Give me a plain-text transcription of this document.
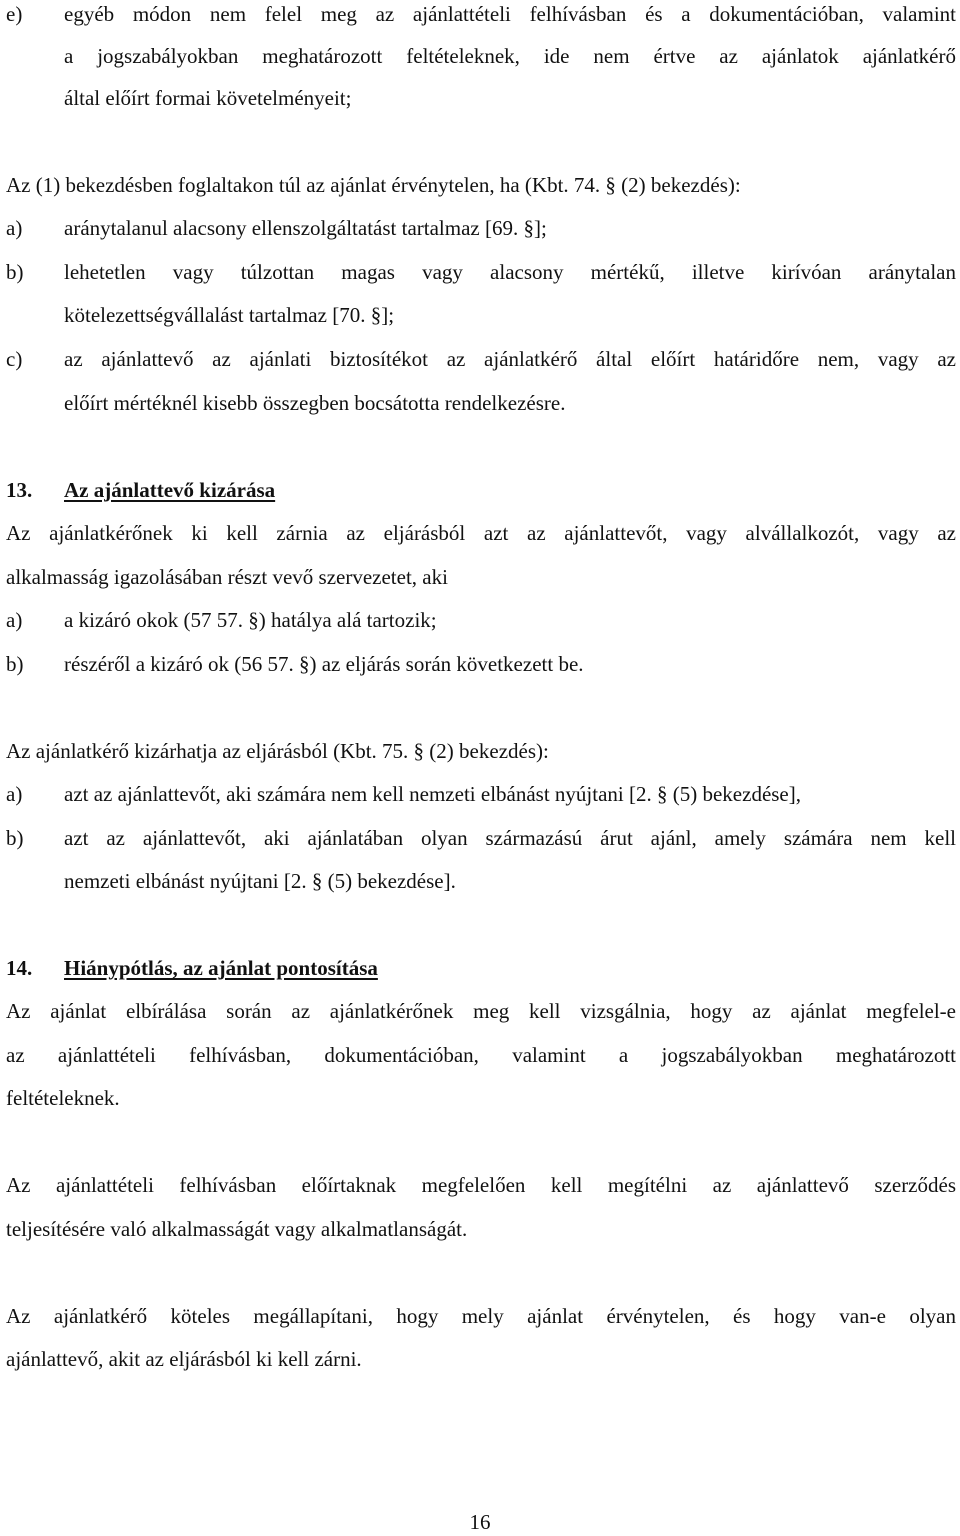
e)	egyéb módon nem felel meg az ajánlattételi felhívásban és a dokumentációban, valamint
a jogszabályokban meghatározott feltételeknek, ide nem értve az ajánlatok ajánlatkérő
által előírt formai követelményeit;
Az (1) bekezdésben foglaltakon túl az ajánlat érvénytelen, ha (Kbt. 74. § (2) bekezdés):
a)	aránytalanul alacsony ellenszolgáltatást tartalmaz [69. §];
b)	lehetetlen vagy túlzottan magas vagy alacsony mértékű, illetve kirívóan aránytalan
kötelezettségvállalást tartalmaz [70. §];
c)	az ajánlattevő az ajánlati biztosítékot az ajánlatkérő által előírt határidőre nem, vagy az
előírt mértéknél kisebb összegben bocsátotta rendelkezésre.
13. Az ajánlattevő kizárása
Az ajánlatkérőnek ki kell zárnia az eljárásból azt az ajánlattevőt, vagy alvállalkozót, vagy az
alkalmasság igazolásában részt vevő szervezetet, aki
a)	a kizáró okok (57 57. §) hatálya alá tartozik;
b)	részéről a kizáró ok (56 57. §) az eljárás során következett be.
Az ajánlatkérő kizárhatja az eljárásból (Kbt. 75. § (2) bekezdés):
a)	azt az ajánlattevőt, aki számára nem kell nemzeti elbánást nyújtani [2. § (5) bekezdése],
b)	azt az ajánlattevőt, aki ajánlatában olyan származású árut ajánl, amely számára nem kell
nemzeti elbánást nyújtani [2. § (5) bekezdése].
14. Hiánypótlás, az ajánlat pontosítása
Az ajánlat elbírálása során az ajánlatkérőnek meg kell vizsgálnia, hogy az ajánlat megfelel-e
az ajánlattételi felhívásban, dokumentációban, valamint a jogszabályokban meghatározott
feltételeknek.
Az ajánlattételi felhívásban előírtaknak megfelelően kell megítélni az ajánlattevő szerződés
teljesítésére való alkalmasságát vagy alkalmatlanságát.
Az ajánlatkérő köteles megállapítani, hogy mely ajánlat érvénytelen, és hogy van-e olyan
ajánlattevő, akit az eljárásból ki kell zárni.
16
